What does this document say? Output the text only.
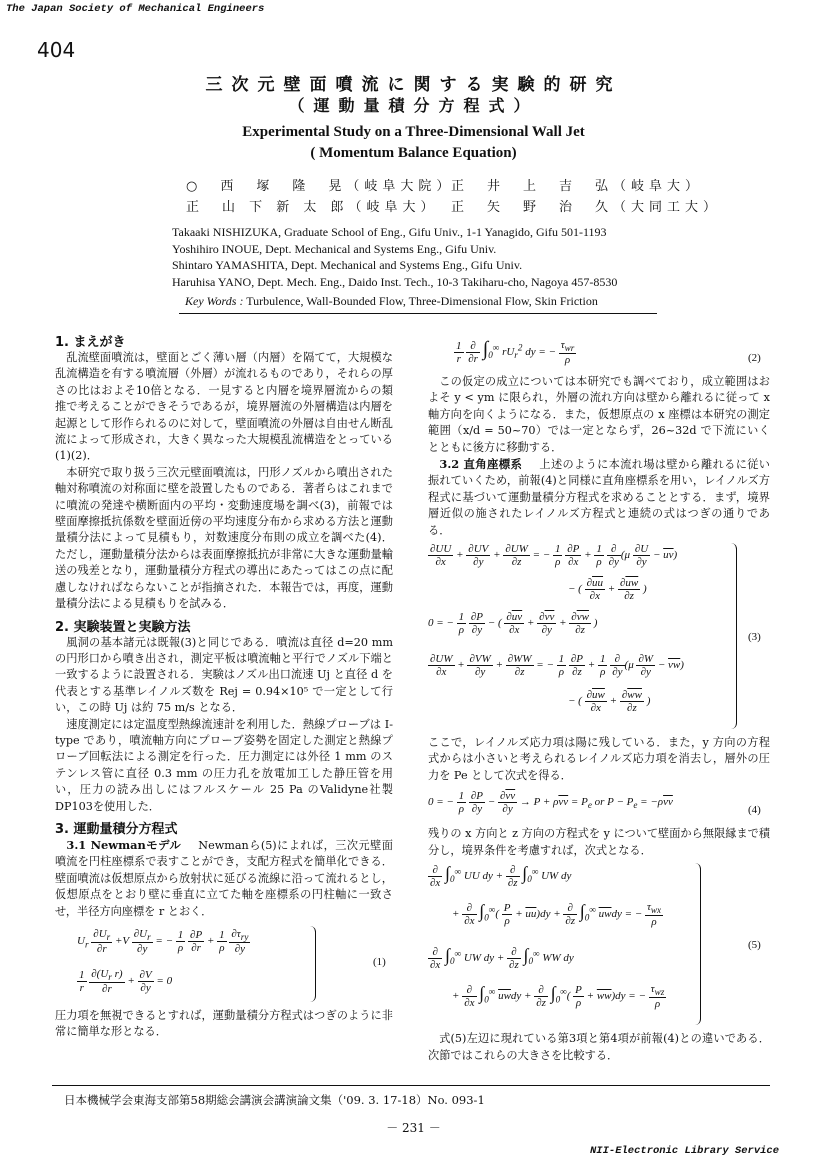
The Japan Society of Mechanical Engineers
404
三次元壁面噴流に関する実験的研究
（運動量積分方程式）
Experimental Study on a Three-Dimensional Wall Jet
( Momentum Balance Equation)
○　西　塚　隆　晃（岐阜大院）
正　井　上　吉　弘（岐阜大）
正　山 下 新 太 郎（岐阜大） 正　矢　野　治　久（大同工大）
Takaaki NISHIZUKA, Graduate School of Eng., Gifu Univ., 1-1 Yanagido, Gifu 501-1193
Yoshihiro INOUE, Dept. Mechanical and Systems Eng., Gifu Univ.
Shintaro YAMASHITA, Dept. Mechanical and Systems Eng., Gifu Univ.
Haruhisa YANO, Dept. Mech. Eng., Daido Inst. Tech., 10-3 Takiharu-cho, Nagoya 457-8530
Key Words : Turbulence, Wall-Bounded Flow, Three-Dimensional Flow, Skin Friction
1. まえがき

乱流壁面噴流は，壁面とごく薄い層（内層）を隔てて，大規模な乱流構造を有する噴流層（外層）が流れるものであり，それらの厚さの比はおよそ10倍となる．一見すると内層を境界層流からの類推で考えることができそうであるが，境界層流の外層構造は内層を起源として形作られるのに対して，壁面噴流の外層は自由せん断乱流によって形成され，大きく異なった大規模乱流構造をとっている(1)(2)．

本研究で取り扱う三次元壁面噴流は，円形ノズルから噴出された軸対称噴流の対称面に壁を設置したものである．著者らはこれまでに噴流の発達や横断面内の平均・変動速度場を調べ(3)，前報では壁面摩擦抵抗係数を壁面近傍の平均速度分布から求める方法と運動量積分法によって見積もり，対数速度分布則の成立を調べた(4)．ただし，運動量積分法からは表面摩擦抵抗が非常に大きな運動量輸送の残差となり，運動量積分方程式の導出にあたってはこの点に配慮しなければならないことが指摘された．本報告では，再度，運動量積分法による見積もりを試みる．

2. 実験装置と実験方法

風洞の基本諸元は既報(3)と同じである．噴流は直径 d=20 mm の円形口から噴き出され，測定平板は噴流軸と平行でノズル下端と一致するように設置される．実験はノズル出口流速 Uj と直径 d を代表とする基準レイノルズ数を Rej = 0.94×10⁵ で一定として行い，この時 Uj は約 75 m/s となる．

速度測定には定温度型熱線流速計を利用した．熱線プローブは I-type であり，噴流軸方向にプローブ姿勢を固定した測定と熱線プローブ回転法による測定を行った．圧力測定には外径 1 mm のステンレス管に直径 0.3 mm の圧力孔を放電加工した静圧管を用い，圧力の読み出しにはフルスケール 25 Pa のValidyne社製DP103を使用した．

3. 運動量積分方程式

3.1 Newmanモデル Newmanら(5)によれば，三次元壁面噴流を円柱座標系で表すことができ，支配方程式を簡単化できる．壁面噴流は仮想原点から放射状に延びる流線に沿って流れるとし，仮想原点をとおり壁に垂直に立てた軸を座標系の円柱軸に一致させ，半径方向座標を r とおく．

$U_r \frac{\partial U_r}{\partial r} +V \frac{\partial U_r}{\partial y}$ = − $\frac{1}{\rho}$
$\frac{\partial P}{\partial r} + \frac{1}{\rho}$
$\frac{\partial\tau_{ry}}{\partial y}$
$\frac{1}{r}$
$\frac{\partial(U_r r)}{\partial r} + \frac{\partial V}{\partial y} = 0$
(1)

圧力項を無視できるとすれば，運動量積分方程式はつぎのように非常に簡単な形となる．

$\frac{1}{r}$
$\frac{\partial}{\partial r} \int_0^\infty$ $rU_r^2$ dy = − $\frac{\tau_{wr}}{\rho}$	(2)

この仮定の成立については本研究でも調べており，成立範囲はおよそ y < ym に限られ，外層の流れ方向は壁から離れるに従って x 軸方向を向くようになる．また，仮想原点の x 座標は本研究の測定範囲（x/d = 50~70）では一定とならず，26~32d で下流にいくとともに後方に移動する．

3.2 直角座標系 上述のように本流れ場は壁から離れるに従い振れていくため，前報(4)と同様に直角座標系を用い，レイノルズ方程式に基づいて運動量積分方程式を求めることとする．まず，境界層近似の施されたレイノルズ方程式と連続の式はつぎの通りである．

$\frac{\partial UU}{\partial x} + \frac{\partial UV}{\partial y} + \frac{\partial UW}{\partial z}$ = − $\frac{1}{\rho}$
$\frac{\partial P}{\partial x} + \frac{1}{\rho}$
$\frac{\partial}{\partial y} (\mu \frac{\partial U}{\partial y} - \overline{uv})$
− ( $\frac{\partial\overline{uu}}{\partial x} + \frac{\partial\overline{uw}}{\partial z}$ )
0 = − $\frac{1}{\rho}$
$\frac{\partial P}{\partial y}$ − ( $\frac{\partial\overline{uv}}{\partial x} + \frac{\partial\overline{vv}}{\partial y} + \frac{\partial\overline{vw}}{\partial z}$ )
$\frac{\partial UW}{\partial x} + \frac{\partial VW}{\partial y} + \frac{\partial WW}{\partial z}$ = − $\frac{1}{\rho}$
$\frac{\partial P}{\partial z} + \frac{1}{\rho}$
$\frac{\partial}{\partial y} (\mu \frac{\partial W}{\partial y} - \overline{vw})$
− ( $\frac{\partial\overline{uw}}{\partial x} + \frac{\partial\overline{ww}}{\partial z}$ )
(3)

ここで，レイノルズ応力項は陽に残している．また，y 方向の方程式からは小さいと考えられるレイノルズ応力項を消去し，層外の圧力を Pe として次式を得る．

0 = − $\frac{1}{\rho}$
$\frac{\partial P}{\partial y} - \frac{\partial\overline{vv}}{\partial y} \to P + \rho\overline{vv} = P_e$ or $P - P_e = -\rho\overline{vv}$
(4)

残りの x 方向と z 方向の方程式を y について壁面から無限縁まで積分し，境界条件を考慮すれば，次式となる．

$\frac{\partial}{\partial x} \int_0^\infty$ UU dy + $\frac{\partial}{\partial z} \int_0^\infty$ UW dy
+ $\frac{\partial}{\partial x} \int_0^\infty( \frac{P}{\rho} + \overline{uu})dy + \frac{\partial}{\partial z} \int_0^\infty$ $\overline{uw}dy$ = − $\frac{\tau_{wx}}{\rho}$
$\frac{\partial}{\partial x} \int_0^\infty$ UW dy + $\frac{\partial}{\partial z} \int_0^\infty$ WW dy
+ $\frac{\partial}{\partial x} \int_0^\infty$ $\overline{uw}dy + \frac{\partial}{\partial z} \int_0^\infty( \frac{P}{\rho} + \overline{ww})dy$ = − $\frac{\tau_{wz}}{\rho}$
(5)

式(5)左辺に現れている第3項と第4項が前報(4)との違いである．次節ではこれらの大きさを比較する．

日本機械学会東海支部第58期総会講演会講演論文集（'09. 3. 17-18）No. 093-1
－ 231 －
NII-Electronic Library Service
